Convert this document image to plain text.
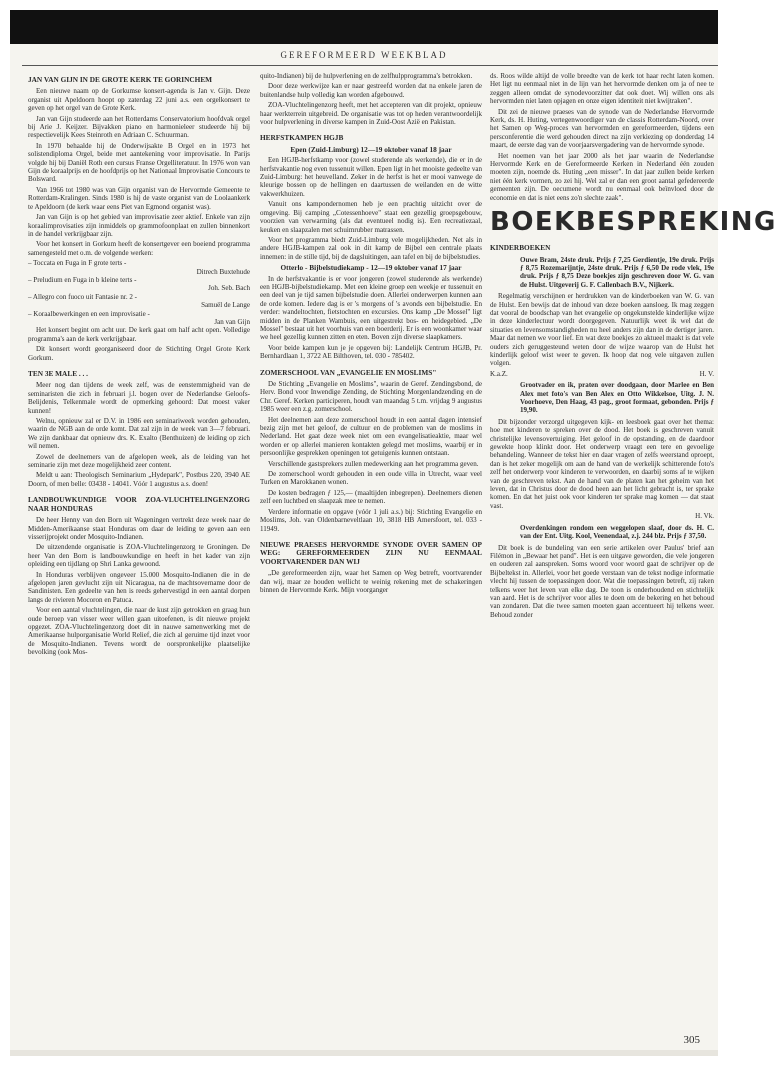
GEREFORMEERD WEEKBLAD
JAN VAN GIJN IN DE GROTE KERK TE GORINCHEM

Een nieuwe naam op de Gorkumse konsert-agenda is Jan v. Gijn. Deze organist uit Apeldoorn hoopt op zaterdag 22 juni a.s. een orgelkonsert te geven op het orgel van de Grote Kerk.

Jan van Gijn studeerde aan het Rotterdams Conservatorium hoofdvak orgel bij Arie J. Keijzer. Bijvakken piano en harmonieleer studeerde hij bij respectievelijk Kees Steinroth en Adriaan C. Schuurman.

In 1970 behaalde hij de Onderwijsakte B Orgel en in 1973 het solistendiploma Orgel, beide met aantekening voor improvisatie. In Parijs volgde hij bij Daniël Roth een cursus Franse Orgelliteratuur. In 1976 won van Gijn de koraalprijs en de hoofdprijs op het Nationaal Improvisatie Concours te Bolsward.

Van 1966 tot 1980 was van Gijn organist van de Hervormde Gemeente te Rotterdam-Kralingen. Sinds 1980 is hij de vaste organist van de Loolaankerk te Apeldoorn (de kerk waar eens Piet van Egmond organist was).

Jan van Gijn is op het gebied van improvisatie zeer aktief. Enkele van zijn koraalimprovisaties zijn inmiddels op grammofoonplaat en zullen binnenkort in de handel verkrijgbaar zijn.

Voor het konsert in Gorkum heeft de konsertgever een boeiend programma samengesteld met o.m. de volgende werken:

– Toccata en Fuga in F grote terts -

Ditrech Buxtehude

– Preludium en Fuga in b kleine terts -

Joh. Seb. Bach

– Allegro con fuoco uit Fantasie nr. 2 -

Samuël de Lange

– Koraalbewerkingen en een improvisatie -

Jan van Gijn

Het konsert begint om acht uur. De kerk gaat om half acht open. Volledige programma's aan de kerk verkrijgbaar.

Dit konsert wordt georganiseerd door de Stichting Orgel Grote Kerk Gorkum.

TEN 3E MALE . . .

Meer nog dan tijdens de week zelf, was de eenstemmigheid van de seminaristen die zich in februari j.l. bogen over de Nederlandse Geloofs-Belijdenis, Telkenmale wordt de opmerking gehoord: Dat moest vaker kunnen!

Welnu, opnieuw zal er D.V. in 1986 een seminariweek worden gehouden, waarin de NGB aan de orde komt. Dat zal zijn in de week van 3—7 februari. We zijn dankbaar dat opnieuw drs. K. Exalto (Benthuizen) de leiding op zich wil nemen.

Zowel de deelnemers van de afgelopen week, als de leiding van het seminarie zijn met deze mogelijkheid zeer content.

Meldt u aan: Theologisch Seminarium „Hydepark", Postbus 220, 3940 AE Doorn, of men belle: 03438 - 14041. Vóór 1 augustus a.s. doen!

LANDBOUWKUNDIGE VOOR ZOA-VLUCHTELINGENZORG NAAR HONDURAS

De heer Henny van den Born uit Wageningen vertrekt deze week naar de Midden-Amerikaanse staat Honduras om daar de leiding te geven aan een visserijprojekt onder Mosquito-Indianen.

De uitzendende organisatie is ZOA-Vluchtelingenzorg te Groningen. De heer Van den Born is landbouwkundige en heeft in het kader van zijn opleiding een tijdlang op Shri Lanka gewoond.

In Honduras verblijven ongeveer 15.000 Mosquito-Indianen die in de afgelopen jaren gevlucht zijn uit Nicaragua, na de machtsovername door de Sandinisten. Een gedeelte van hen is reeds gehervestigd in een aantal dorpen langs de rivieren Mocoron en Patuca.

Voor een aantal vluchtelingen, die naar de kust zijn getrokken en graag hun oude beroep van visser weer willen gaan uitoefenen, is dit nieuwe projekt opgezet. ZOA-Vluchtelingenzorg doet dit in nauwe samenwerking met de Amerikaanse hulporganisatie World Relief, die zich al geruime tijd inzet voor de Mosquito-Indianen. Tevens wordt de oorspronkelijke plaatselijke bevolking (ook Mos-

quito-Indianen) bij de hulpverlening en de zelfhulpprogramma's betrokken.

Door deze werkwijze kan er naar gestreefd worden dat na enkele jaren de buitenlandse hulp volledig kan worden afgebouwd.

ZOA-Vluchtelingenzorg heeft, met het accepteren van dit projekt, opnieuw haar werkterrein uitgebreid. De organisatie was tot op heden verantwoordelijk voor hulpverlening in diverse kampen in Zuid-Oost Azië en Pakistan.

HERFSTKAMPEN HGJB
Epen (Zuid-Limburg) 12—19 oktober vanaf 18 jaar

Een HGJB-herfstkamp voor (zowel studerende als werkende), die er in de herfstvakantie nog even tussenuit willen. Epen ligt in het mooiste gedeelte van Zuid-Limburg: het heuvelland. Zeker in de herfst is het er mooi vanwege de kleurige bossen op de hellingen en daartussen de weilanden en de witte vakwerkhuizen.

Vanuit ons kampondernomen heb je een prachtig uitzicht over de omgeving. Bij camping „Cotessenhoeve" staat een gezellig groepsgebouw, voorzien van verwarming (als dat eventueel nodig is). Een recreatiezaal, keuken en slaapzalen met schuimrubber matrassen.

Voor het programma biedt Zuid-Limburg vele mogelijkheden. Net als in andere HGJB-kampen zal ook in dit kamp de Bijbel een centrale plaats innemen: in de stille tijd, bij de dagsluitingen, aan tafel en bij de bijbelstudies.

Otterlo - Bijbelstudiekamp - 12—19 oktober vanaf 17 jaar

In de herfstvakantie is er voor jongeren (zowel studerende als werkende) een HGJB-bijbelstudiekamp. Met een kleine groep een weekje er tussenuit en een deel van je tijd samen bijbelstudie doen. Allerlei onderwerpen kunnen aan de orde komen. Iedere dag is er 's morgens of 's avonds een bijbelstudie. En verder: wandeltochten, fietstochten en excursies. Ons kamp „De Mossel" ligt midden in de Planken Wambuis, een uitgestrekt bos- en heidegebied. „De Mossel" bestaat uit het voorhuis van een boerderij. Er is een woonkamer waar we heel gezellig kunnen zitten en eten. Boven zijn diverse slaapkamers.

Voor beide kampen kun je je opgeven bij: Landelijk Centrum HGJB, Pr. Bernhardlaan 1, 3722 AE Bilthoven, tel. 030 - 785402.

ZOMERSCHOOL VAN „EVANGELIE EN MOSLIMS"

De Stichting „Evangelie en Moslims", waarin de Geref. Zendingsbond, de Herv. Bond voor Inwendige Zending, de Stichting Morgenlandzending en de Chr. Geref. Kerken participeren, houdt van maandag 5 t.m. vrijdag 9 augustus 1985 weer een z.g. zomerschool.

Het deelnemen aan deze zomerschool houdt in een aantal dagen intensief bezig zijn met het geloof, de cultuur en de problemen van de moslims in Nederland. Het gaat deze week niet om een evangelisatieaktie, maar wel worden er op allerlei manieren kontakten gelegd met moslims, waarbij er in persoonlijke gesprekken openingen tot getuigenis kunnen ontstaan.

Verschillende gastsprekers zullen medewerking aan het programma geven.

De zomerschool wordt gehouden in een oude villa in Utrecht, waar veel Turken en Marokkanen wonen.

De kosten bedragen ƒ 125,— (maaltijden inbegrepen). Deelnemers dienen zelf een luchtbed en slaapzak mee te nemen.

Verdere informatie en opgave (vóór 1 juli a.s.) bij: Stichting Evangelie en Moslims, Joh. van Oldenbarneveltlaan 10, 3818 HB Amersfoort, tel. 033 - 11949.

NIEUWE PRAESES HERVORMDE SYNODE OVER SAMEN OP WEG: GEREFORMEERDEN ZIJN NU EENMAAL VOORTVARENDER DAN WIJ

„De gereformeerden zijn, waar het Samen op Weg betreft, voortvarender dan wij, maar ze houden wellicht te weinig rekening met de schakeringen binnen de Hervormde Kerk. Mijn voorganger

ds. Roos wilde altijd de volle breedte van de kerk tot haar recht laten komen. Het ligt nu eenmaal niet in de lijn van het hervormde denken om ja of nee te zeggen alleen omdat de synodevoorzitter dat ook doet. Wij willen ons als hervormden niet laten opjagen en onze eigen identiteit niet kwijtraken".

Dit zei de nieuwe praeses van de synode van de Nederlandse Hervormde Kerk, ds. H. Huting, vertegenwoordiger van de classis Rotterdam-Noord, over het Samen op Weg-proces van hervormden en gereformeerden, tijdens een persconferentie die werd gehouden direct na zijn verkiezing op donderdag 14 maart, de eerste dag van de voorjaarsvergadering van de hervormde synode.

Het noemen van het jaar 2000 als het jaar waarin de Nederlandse Hervormde Kerk en de Gereformeerde Kerken in Nederland één zouden moeten zijn, noemde ds. Huting „een misser". In dat jaar zullen beide kerken niet één kerk vormen, zo zei hij. Wel zal er dan een groot aantal gefedereerde gemeenten zijn. De oecumene wordt nu eenmaal ook beïnvloed door de economie en dat is niet eens zo'n slechte zaak".

BOEKBESPREKING
KINDERBOEKEN

Ouwe Bram, 24ste druk. Prijs ƒ 7,25 Gerdientje, 19e druk. Prijs ƒ 8,75 Rozemarijntje, 24ste druk. Prijs ƒ 6,50 De rode vlek, 19e druk. Prijs ƒ 8,75 Deze boekjes zijn geschreven door W. G. van de Hulst. Uitgeverij G. F. Callenbach B.V., Nijkerk.

Regelmatig verschijnen er herdrukken van de kinderboeken van W. G. van de Hulst. Een bewijs dat de inhoud van deze boeken aansloeg. Ik mag zeggen dat vooral de boodschap van het evangelie op ongekunstelde kinderlijke wijze in deze kinderlectuur wordt doorgegeven. Natuurlijk weet ik wel dat de situaties en levensomstandigheden nu heel anders zijn dan in de dertiger jaren. Maar dat nemen we voor lief. En wat deze boekjes zo aktueel maakt is dat vele ouders zich geruggesteund weten door de wijze waarop van de Hulst het kinderlijk geloof wist weer te geven. Ik hoop dat nog vele uitgaven zullen volgen.

K.a.Z.	H. V.

Grootvader en ik, praten over doodgaan, door Marlee en Ben Alex met foto's van Ben Alex en Otto Wikkelsoe, Uitg. J. N. Voorhoeve, Den Haag, 43 pag., groot formaat, gebonden. Prijs ƒ 19,90.

Dit bijzonder verzorgd uitgegeven kijk- en leesboek gaat over het thema: hoe met kinderen te spreken over de dood. Het boek is geschreven vanuit christelijke levensovertuiging. Het geloof in de opstanding, en de daardoor gewekte hoop klinkt door. Het onderwerp vraagt een tere en gevoelige behandeling. Wanneer de tekst hier en daar vragen of zelfs weerstand oproept, dan is het zeker mogelijk om aan de hand van de werkelijk schitterende foto's zelf het onderwerp voor kinderen te verwoorden, en daarbij soms af te wijken van de geschreven tekst. Aan de hand van de platen kan het geheim van het leven, dat in Christus door de dood heen aan het licht gebracht is, ter sprake komen. En dat het juist ook voor kinderen ter sprake mag komen — dat staat vast.

H. Vk.

Overdenkingen rondom een weggelopen slaaf, door ds. H. C. van der Ent. Uitg. Kool, Veenendaal, z.j. 244 blz. Prijs ƒ 37,50.

Dit boek is de bundeling van een serie artikelen over Paulus' brief aan Filémon in „Bewaar het pand". Het is een uitgave geworden, die vele jongeren en ouderen zal aanspreken. Soms woord voor woord gaat de schrijver op de Bijbeltekst in. Allerlei, voor het goede verstaan van de tekst nodige informatie vlecht hij tussen de toepassingen door. Wat die toepassingen betreft, zij raken telkens weer het leven van elke dag. De toon is onderhoudend en stichtelijk van aard. Het is de schrijver voor alles te doen om de bekering en het behoud van zondaren. Dat die twee samen moeten gaan accentueert hij telkens weer. Behoud zonder

305
